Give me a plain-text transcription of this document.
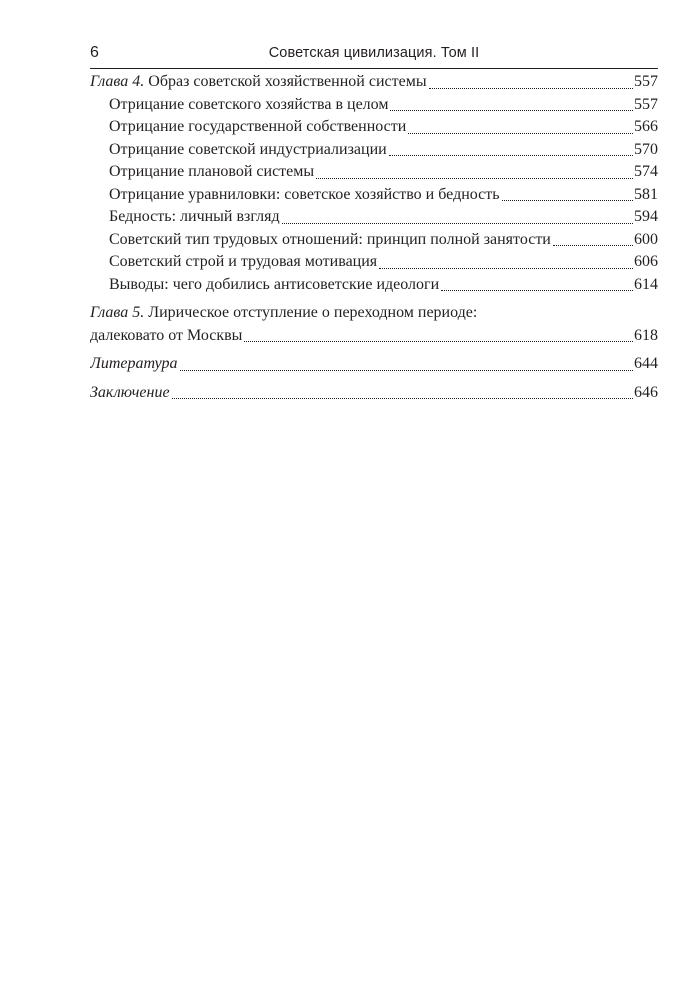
6	Советская цивилизация. Том II
Глава 4. Образ советской хозяйственной системы	557
Отрицание советского хозяйства в целом	557
Отрицание государственной собственности	566
Отрицание советской индустриализации	570
Отрицание плановой системы	574
Отрицание уравниловки: советское хозяйство и бедность	581
Бедность: личный взгляд	594
Советский тип трудовых отношений: принцип полной занятости	600
Советский строй и трудовая мотивация	606
Выводы: чего добились антисоветские идеологи	614
Глава 5. Лирическое отступление о переходном периоде:
далековато от Москвы	618
Литература	644
Заключение	646
